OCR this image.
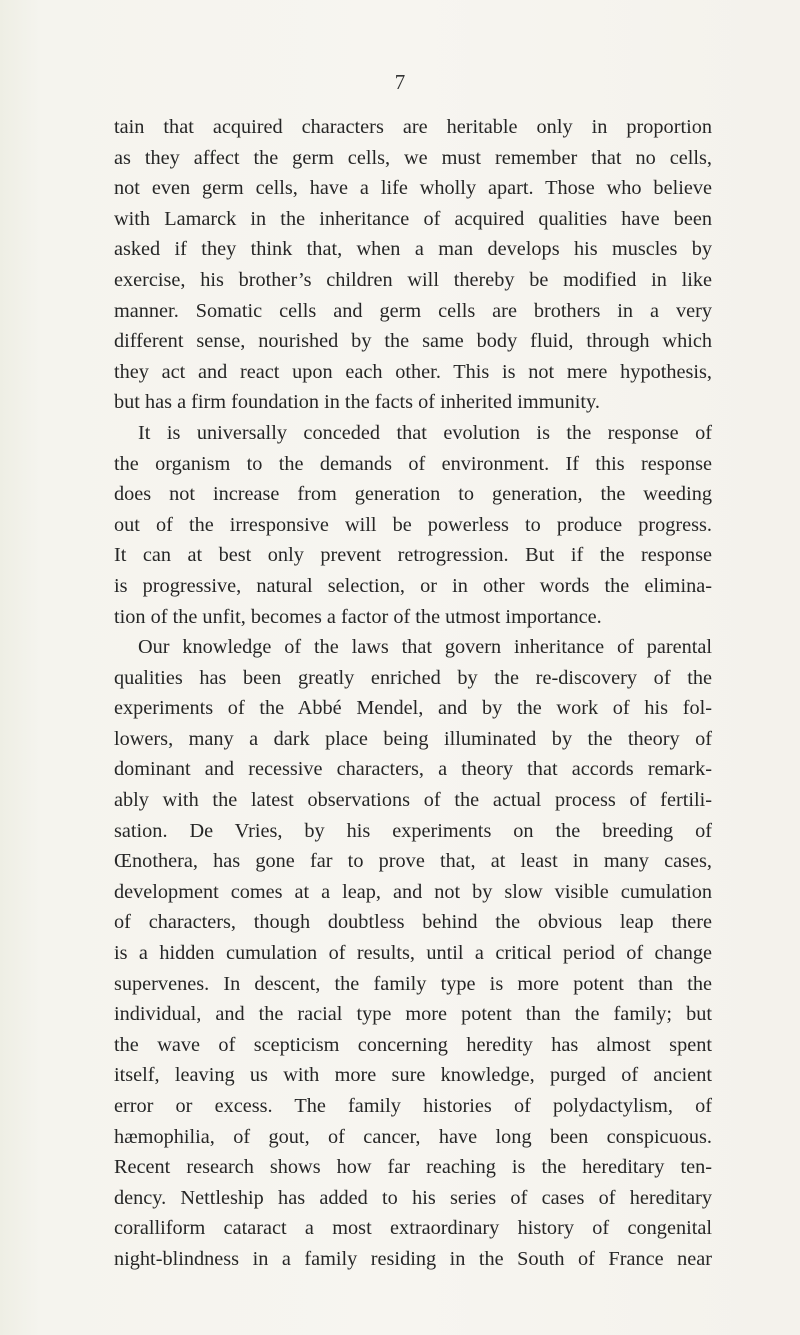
7
tain that acquired characters are heritable only in proportion
as they affect the germ cells, we must remember that no cells,
not even germ cells, have a life wholly apart. Those who believe
with Lamarck in the inheritance of acquired qualities have been
asked if they think that, when a man develops his muscles by
exercise, his brother’s children will thereby be modified in like
manner. Somatic cells and germ cells are brothers in a very
different sense, nourished by the same body fluid, through which
they act and react upon each other. This is not mere hypothesis,
but has a firm foundation in the facts of inherited immunity.
It is universally conceded that evolution is the response of
the organism to the demands of environment. If this response
does not increase from generation to generation, the weeding
out of the irresponsive will be powerless to produce progress.
It can at best only prevent retrogression. But if the response
is progressive, natural selection, or in other words the elimina-
tion of the unfit, becomes a factor of the utmost importance.
Our knowledge of the laws that govern inheritance of parental
qualities has been greatly enriched by the re-discovery of the
experiments of the Abbé Mendel, and by the work of his fol-
lowers, many a dark place being illuminated by the theory of
dominant and recessive characters, a theory that accords remark-
ably with the latest observations of the actual process of fertili-
sation. De Vries, by his experiments on the breeding of
Œnothera, has gone far to prove that, at least in many cases,
development comes at a leap, and not by slow visible cumulation
of characters, though doubtless behind the obvious leap there
is a hidden cumulation of results, until a critical period of change
supervenes. In descent, the family type is more potent than the
individual, and the racial type more potent than the family; but
the wave of scepticism concerning heredity has almost spent
itself, leaving us with more sure knowledge, purged of ancient
error or excess. The family histories of polydactylism, of
hæmophilia, of gout, of cancer, have long been conspicuous.
Recent research shows how far reaching is the hereditary ten-
dency. Nettleship has added to his series of cases of hereditary
coralliform cataract a most extraordinary history of congenital
night-blindness in a family residing in the South of France near
